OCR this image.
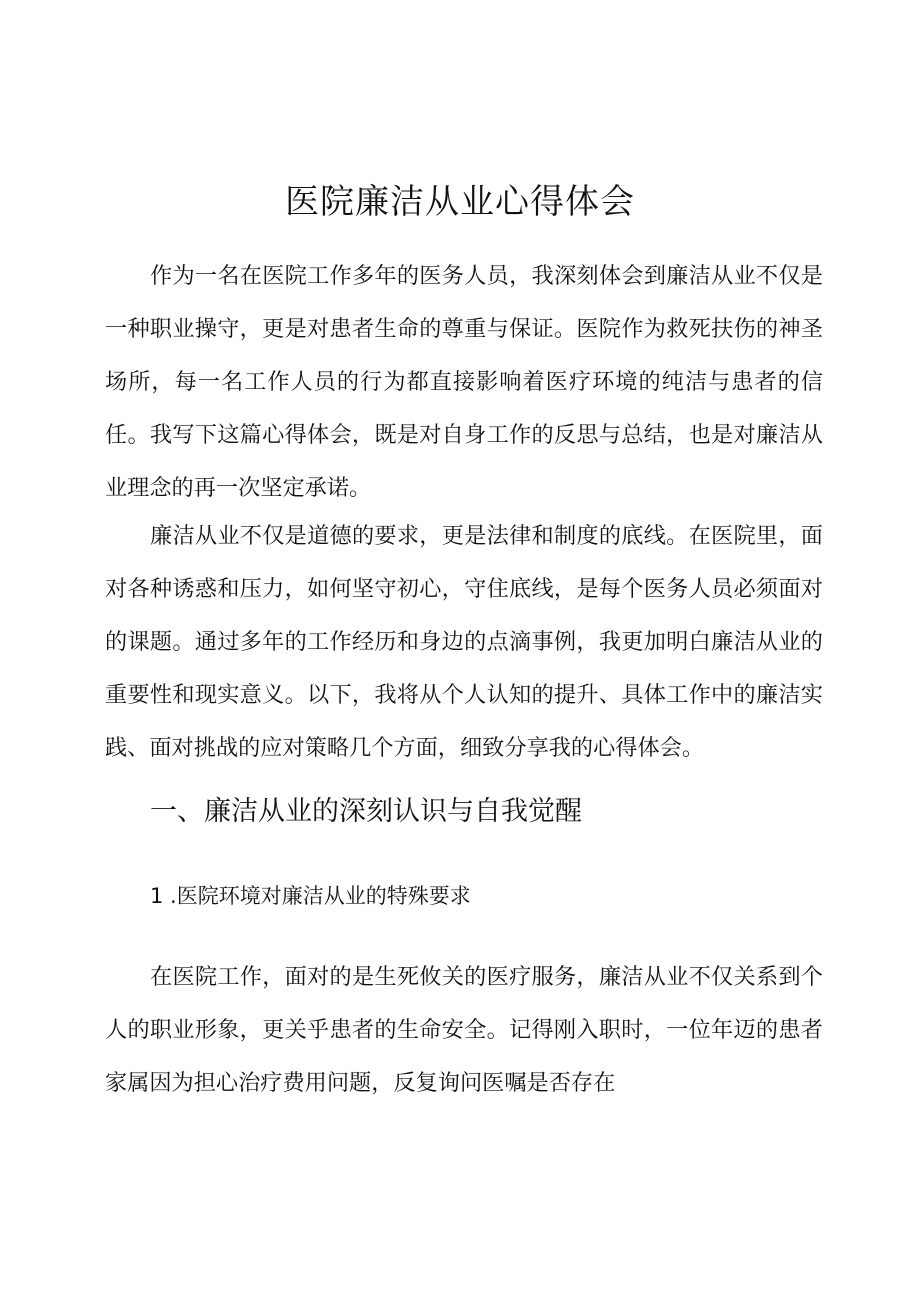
医院廉洁从业心得体会

作为一名在医院工作多年的医务人员，我深刻体会到廉洁从业不仅是一种职业操守，更是对患者生命的尊重与保证。医院作为救死扶伤的神圣场所，每一名工作人员的行为都直接影响着医疗环境的纯洁与患者的信任。我写下这篇心得体会，既是对自身工作的反思与总结，也是对廉洁从业理念的再一次坚定承诺。

廉洁从业不仅是道德的要求，更是法律和制度的底线。在医院里，面对各种诱惑和压力，如何坚守初心，守住底线，是每个医务人员必须面对的课题。通过多年的工作经历和身边的点滴事例，我更加明白廉洁从业的重要性和现实意义。以下，我将从个人认知的提升、具体工作中的廉洁实践、面对挑战的应对策略几个方面，细致分享我的心得体会。

一、廉洁从业的深刻认识与自我觉醒
1 .医院环境对廉洁从业的特殊要求

在医院工作，面对的是生死攸关的医疗服务，廉洁从业不仅关系到个人的职业形象，更关乎患者的生命安全。记得刚入职时，一位年迈的患者家属因为担心治疗费用问题，反复询问医嘱是否存在
